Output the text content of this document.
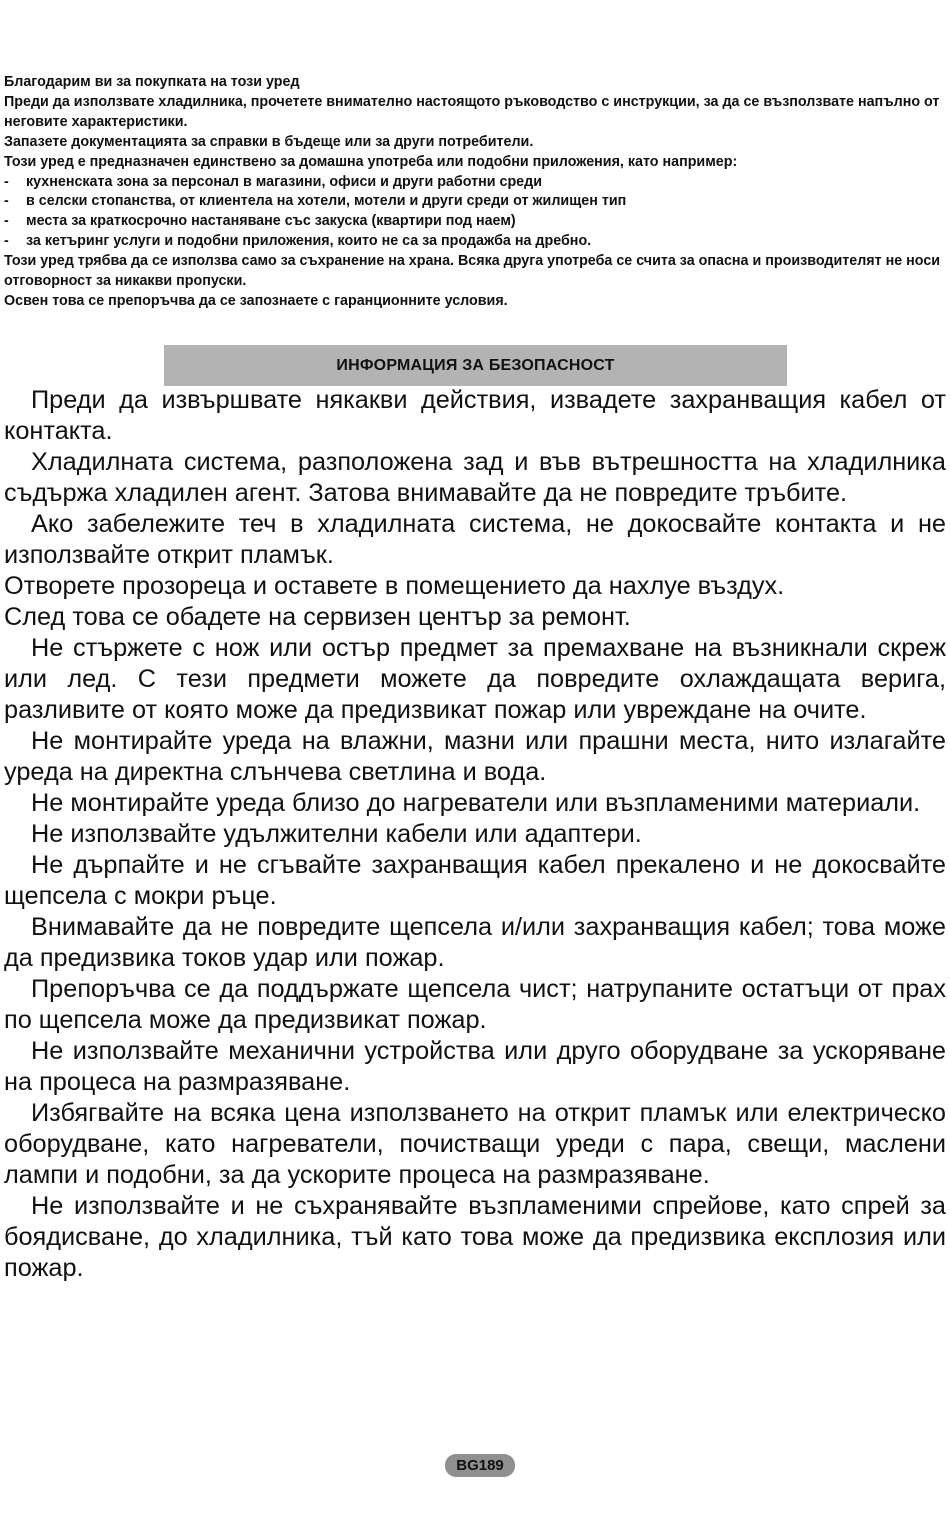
Благодарим ви за покупката на този уред

Преди да използвате хладилника, прочетете внимателно настоящото ръководство с инструкции, за да се възползвате напълно от неговите характеристики.

Запазете документацията за справки в бъдеще или за други потребители.

Този уред е предназначен единствено за домашна употреба или подобни приложения, като например:

-	кухненската зона за персонал в магазини, офиси и други работни среди
-	в селски стопанства, от клиентела на хотели, мотели и други среди от жилищен тип
-	места за краткосрочно настаняване със закуска (квартири под наем)
-	за кетъринг услуги и подобни приложения, които не са за продажба на дребно.

Този уред трябва да се използва само за съхранение на храна. Всяка друга употреба се счита за опасна и производителят не носи отговорност за никакви пропуски.

Освен това се препоръчва да се запознаете с гаранционните условия.

ИНФОРМАЦИЯ ЗА БЕЗОПАСНОСТ

Преди да извършвате някакви действия, извадете захранващия кабел от контакта.

Хладилната система, разположена зад и във вътрешността на хладилника съдържа хладилен агент. Затова внимавайте да не повредите тръбите.

Ако забележите теч в хладилната система, не докосвайте контакта и не използвайте открит пламък.

Отворете прозореца и оставете в помещението да нахлуе въздух.

След това се обадете на сервизен център за ремонт.

Не стържете с нож или остър предмет за премахване на възникнали скреж или лед. С тези предмети можете да повредите охлаждащата верига, разливите от която може да предизвикат пожар или увреждане на очите.

Не монтирайте уреда на влажни, мазни или прашни места, нито излагайте уреда на директна слънчева светлина и вода.

Не монтирайте уреда близо до нагреватели или възпламеними материали.

Не използвайте удължителни кабели или адаптери.

Не дърпайте и не сгъвайте захранващия кабел прекалено и не докосвайте щепсела с мокри ръце.

Внимавайте да не повредите щепсела и/или захранващия кабел; това може да предизвика токов удар или пожар.

Препоръчва се да поддържате щепсела чист; натрупаните остатъци от прах по щепсела може да предизвикат пожар.

Не използвайте механични устройства или друго оборудване за ускоряване на процеса на размразяване.

Избягвайте на всяка цена използването на открит пламък или електрическо оборудване, като нагреватели, почистващи уреди с пара, свещи, маслени лампи и подобни, за да ускорите процеса на размразяване.

Не използвайте и не съхранявайте възпламеними спрейове, като спрей за боядисване, до хладилника, тъй като това може да предизвика експлозия или пожар.

BG189
